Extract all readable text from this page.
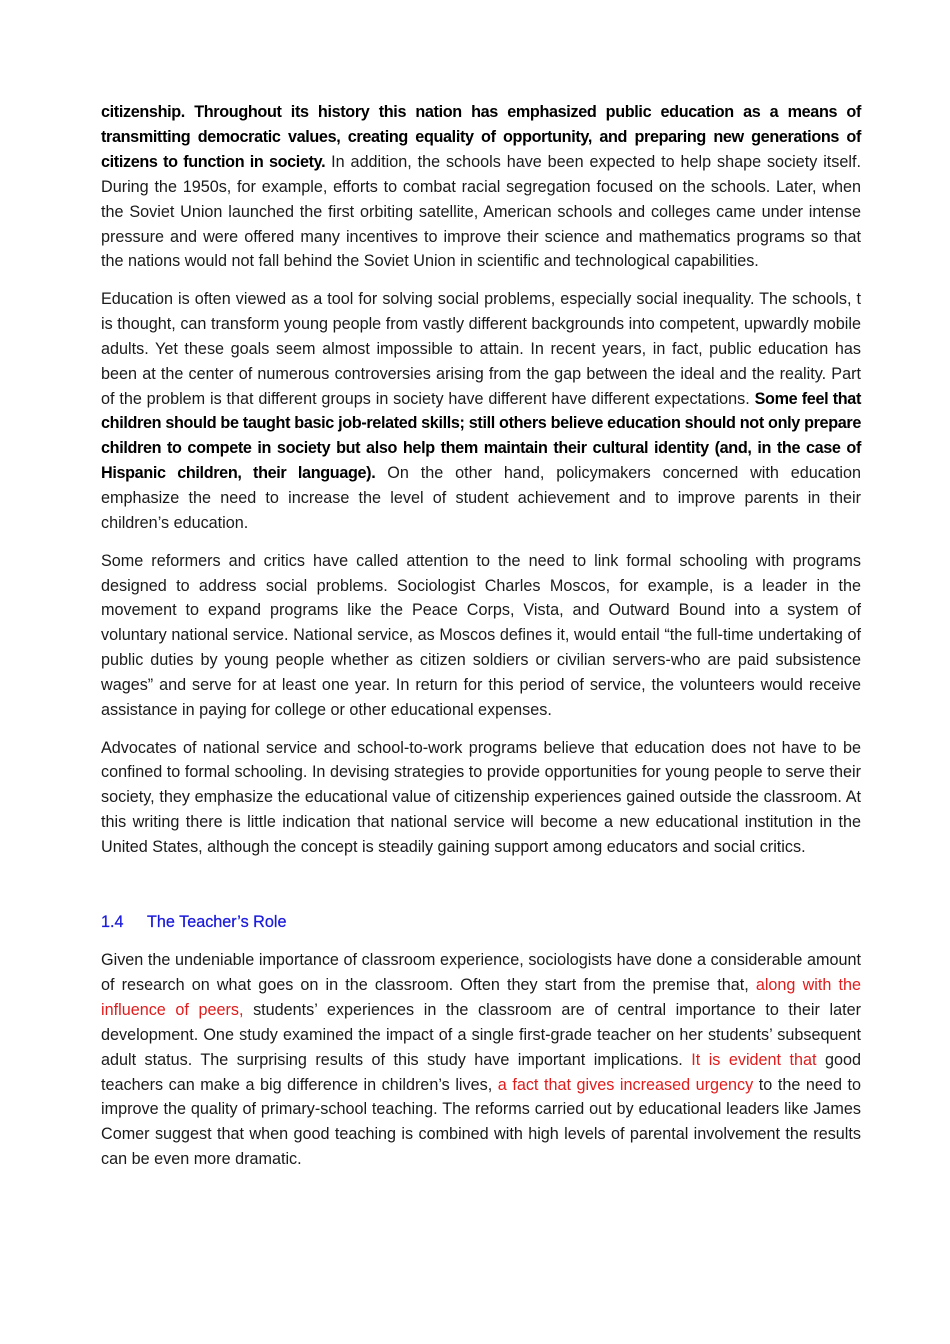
citizenship. Throughout its history this nation has emphasized public education as a means of transmitting democratic values, creating equality of opportunity, and preparing new generations of citizens to function in society. In addition, the schools have been expected to help shape society itself. During the 1950s, for example, efforts to combat racial segregation focused on the schools. Later, when the Soviet Union launched the first orbiting satellite, American schools and colleges came under intense pressure and were offered many incentives to improve their science and mathematics programs so that the nations would not fall behind the Soviet Union in scientific and technological capabilities.

Education is often viewed as a tool for solving social problems, especially social inequality. The schools, t is thought, can transform young people from vastly different backgrounds into competent, upwardly mobile adults. Yet these goals seem almost impossible to attain. In recent years, in fact, public education has been at the center of numerous controversies arising from the gap between the ideal and the reality. Part of the problem is that different groups in society have different have different expectations. Some feel that children should be taught basic job-related skills; still others believe education should not only prepare children to compete in society but also help them maintain their cultural identity (and, in the case of Hispanic children, their language). On the other hand, policymakers concerned with education emphasize the need to increase the level of student achievement and to improve parents in their children’s education.

Some reformers and critics have called attention to the need to link formal schooling with programs designed to address social problems. Sociologist Charles Moscos, for example, is a leader in the movement to expand programs like the Peace Corps, Vista, and Outward Bound into a system of voluntary national service. National service, as Moscos defines it, would entail “the full-time undertaking of public duties by young people whether as citizen soldiers or civilian servers-who are paid subsistence wages” and serve for at least one year. In return for this period of service, the volunteers would receive assistance in paying for college or other educational expenses.

Advocates of national service and school-to-work programs believe that education does not have to be confined to formal schooling. In devising strategies to provide opportunities for young people to serve their society, they emphasize the educational value of citizenship experiences gained outside the classroom. At this writing there is little indication that national service will become a new educational institution in the United States, although the concept is steadily gaining support among educators and social critics.

1.4 The Teacher’s Role

Given the undeniable importance of classroom experience, sociologists have done a considerable amount of research on what goes on in the classroom. Often they start from the premise that, along with the influence of peers, students’ experiences in the classroom are of central importance to their later development. One study examined the impact of a single first-grade teacher on her students’ subsequent adult status. The surprising results of this study have important implications. It is evident that good teachers can make a big difference in children’s lives, a fact that gives increased urgency to the need to improve the quality of primary-school teaching. The reforms carried out by educational leaders like James Comer suggest that when good teaching is combined with high levels of parental involvement the results can be even more dramatic.
